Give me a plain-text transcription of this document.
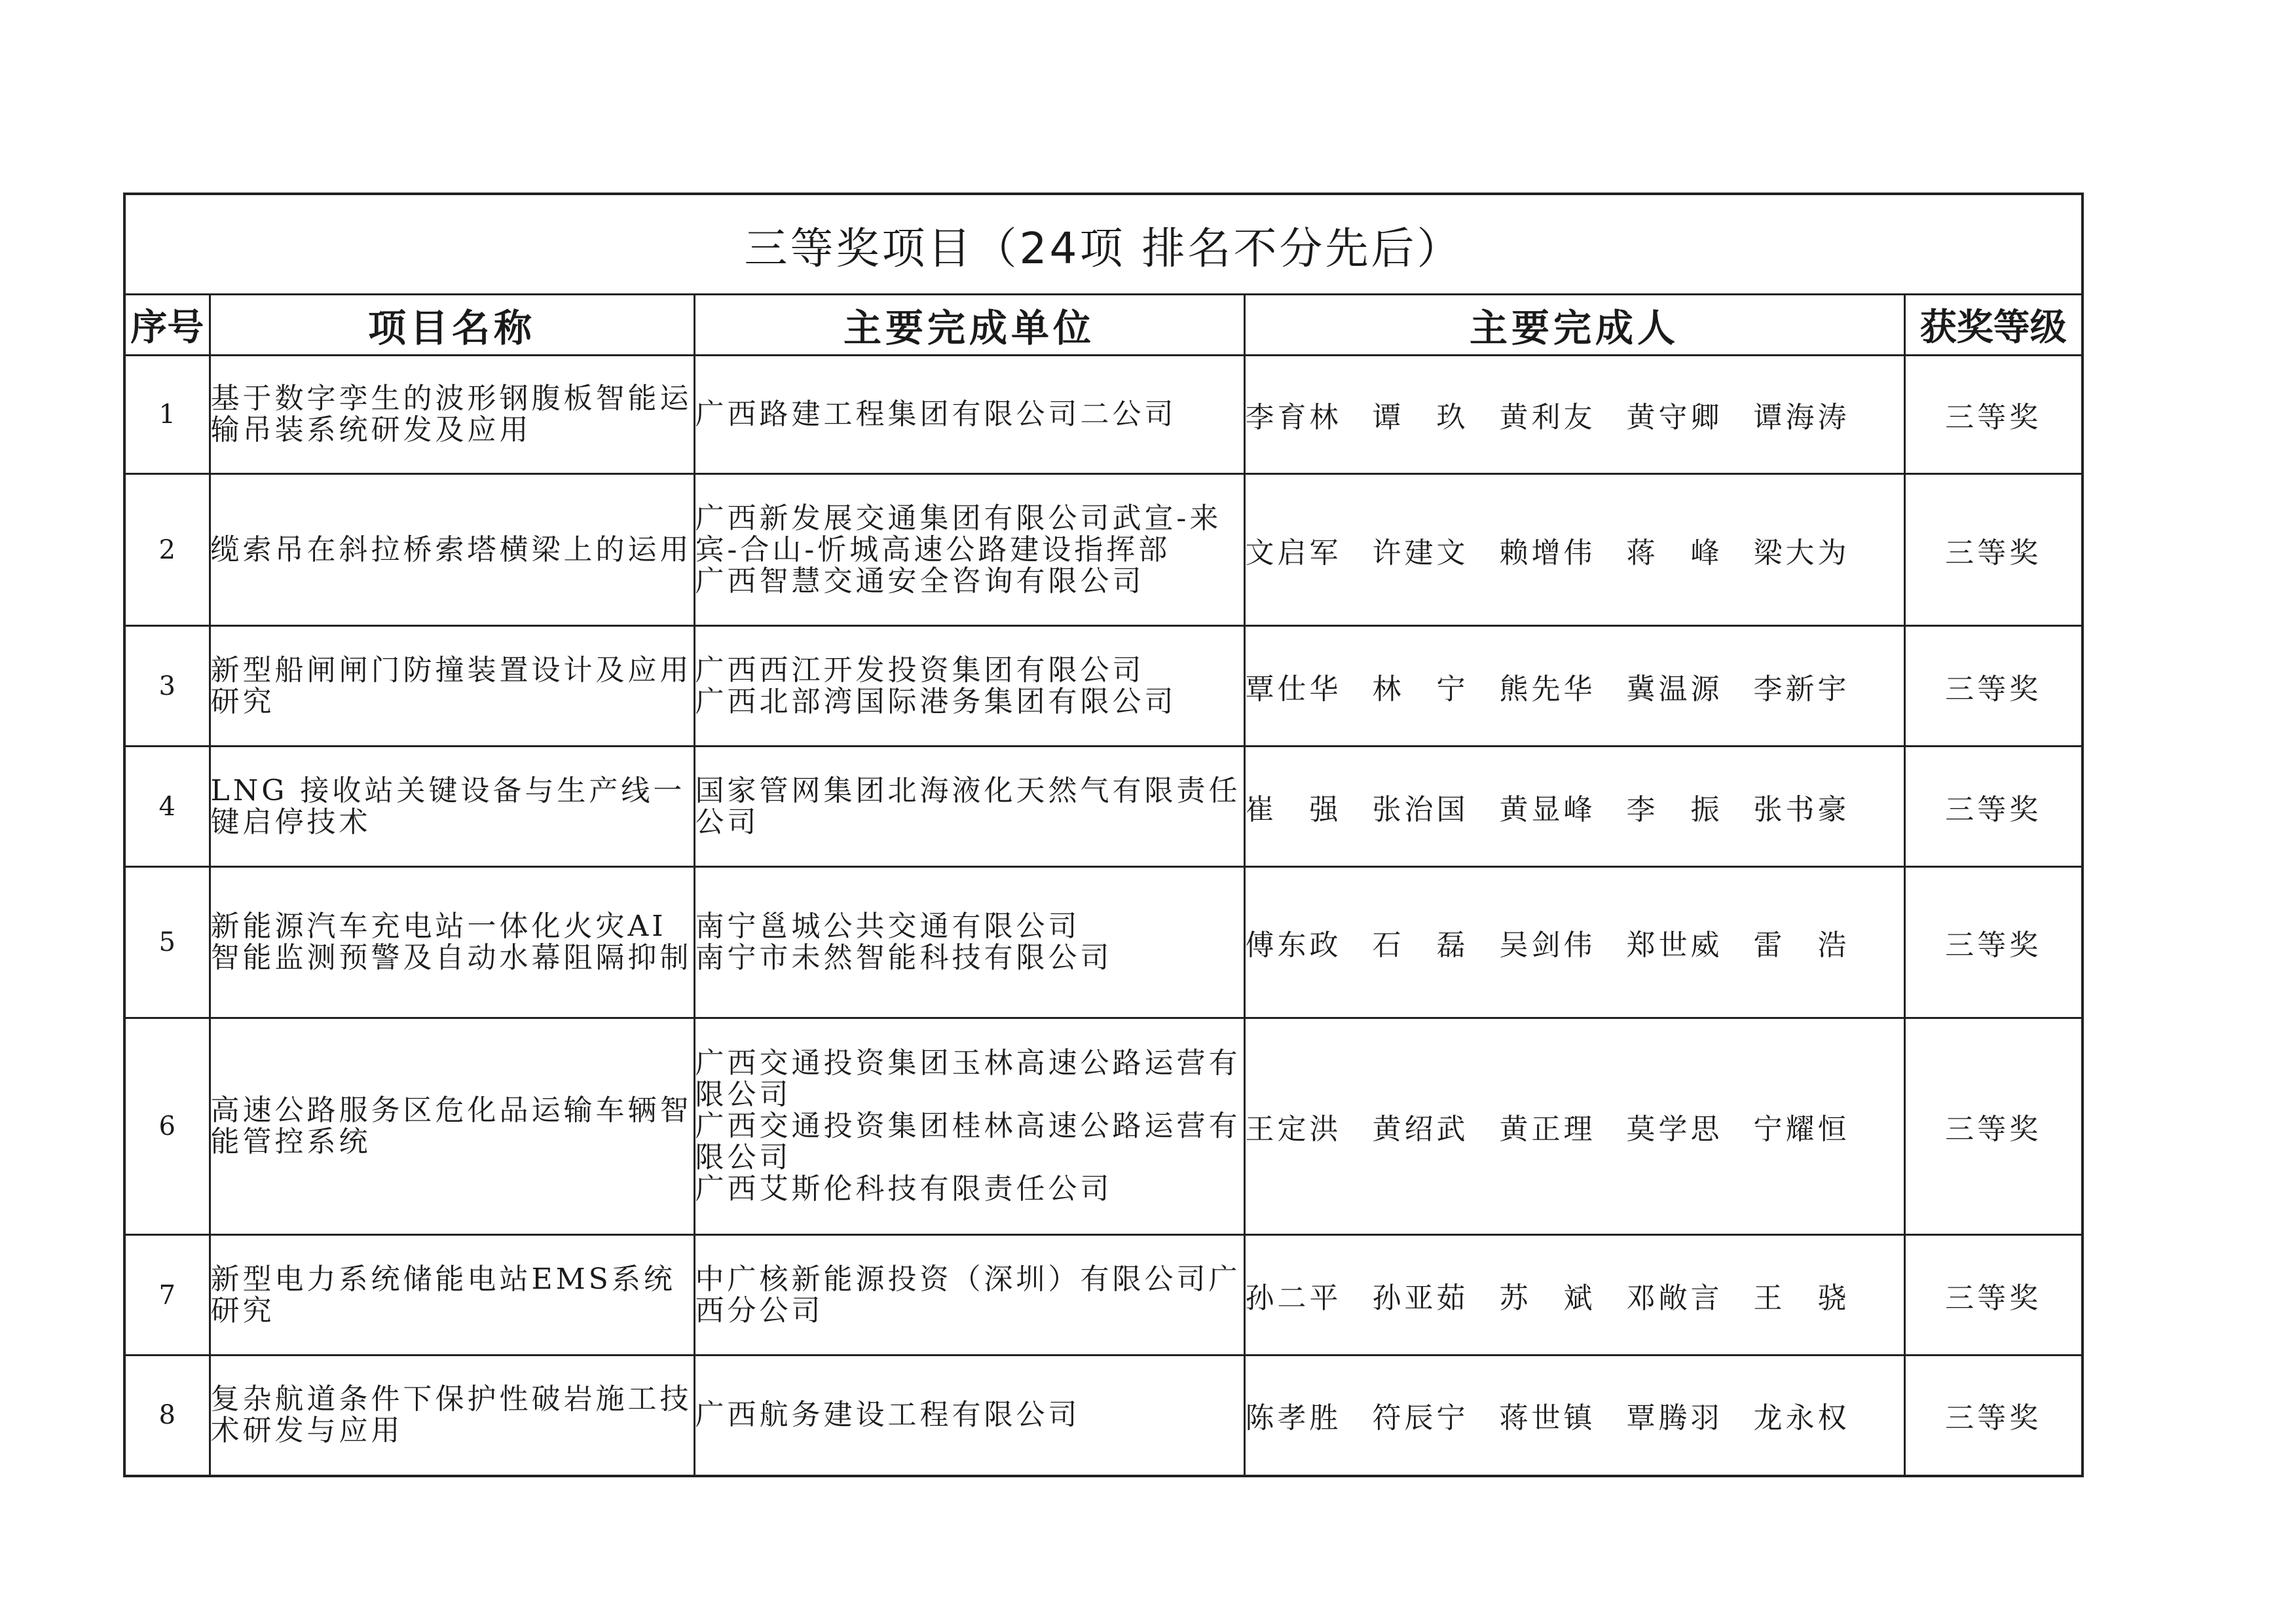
三等奖项目（24项 排名不分先后）				
序号	项目名称	主要完成单位	主要完成人	获奖等级
1	基于数字孪生的波形钢腹板智能运输吊装系统研发及应用	广西路建工程集团有限公司二公司	李育林 谭　玖 黄利友 黄守卿 谭海涛	三等奖
2	缆索吊在斜拉桥索塔横梁上的运用	广西新发展交通集团有限公司武宣-来宾-合山-忻城高速公路建设指挥部
广西智慧交通安全咨询有限公司	文启军 许建文 赖增伟 蒋　峰 梁大为	三等奖
3	新型船闸闸门防撞装置设计及应用研究	广西西江开发投资集团有限公司
广西北部湾国际港务集团有限公司	覃仕华 林　宁 熊先华 冀温源 李新宇	三等奖
4	LNG 接收站关键设备与生产线一键启停技术	国家管网集团北海液化天然气有限责任公司	崔　强 张治国 黄显峰 李　振 张书豪	三等奖
5	新能源汽车充电站一体化火灾AI智能监测预警及自动水幕阻隔抑制	南宁邕城公共交通有限公司
南宁市未然智能科技有限公司	傅东政 石　磊 吴剑伟 郑世威 雷　浩	三等奖
6	高速公路服务区危化品运输车辆智能管控系统	广西交通投资集团玉林高速公路运营有限公司
广西交通投资集团桂林高速公路运营有限公司
广西艾斯伦科技有限责任公司	王定洪 黄绍武 黄正理 莫学思 宁耀恒	三等奖
7	新型电力系统储能电站EMS系统研究	中广核新能源投资（深圳）有限公司广西分公司	孙二平 孙亚茹 苏　斌 邓敞言 王　骁	三等奖
8	复杂航道条件下保护性破岩施工技术研发与应用	广西航务建设工程有限公司	陈孝胜 符辰宁 蒋世镇 覃腾羽 龙永权	三等奖
